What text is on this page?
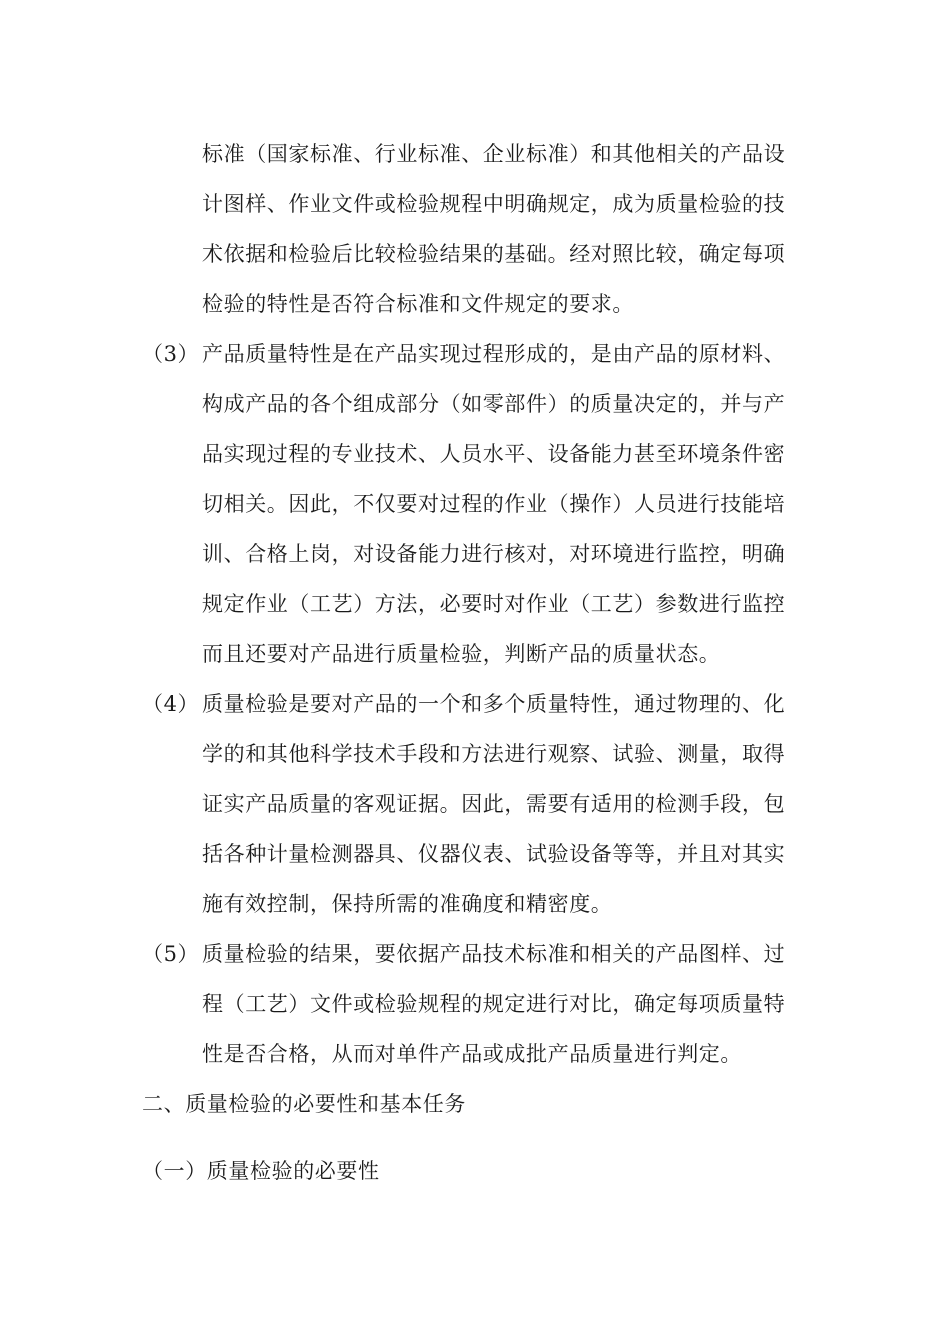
标准（国家标准、行业标准、企业标准）和其他相关的产品设
计图样、作业文件或检验规程中明确规定，成为质量检验的技
术依据和检验后比较检验结果的基础。经对照比较，确定每项
检验的特性是否符合标准和文件规定的要求。
（3） 产品质量特性是在产品实现过程形成的，是由产品的原材料、
构成产品的各个组成部分（如零部件）的质量决定的，并与产
品实现过程的专业技术、人员水平、设备能力甚至环境条件密
切相关。因此，不仅要对过程的作业（操作）人员进行技能培
训、合格上岗，对设备能力进行核对，对环境进行监控，明确
规定作业（工艺）方法，必要时对作业（工艺）参数进行监控
而且还要对产品进行质量检验，判断产品的质量状态。
（4） 质量检验是要对产品的一个和多个质量特性，通过物理的、化
学的和其他科学技术手段和方法进行观察、试验、测量，取得
证实产品质量的客观证据。因此，需要有适用的检测手段，包
括各种计量检测器具、仪器仪表、试验设备等等，并且对其实
施有效控制，保持所需的准确度和精密度。
（5） 质量检验的结果，要依据产品技术标准和相关的产品图样、过
程（工艺）文件或检验规程的规定进行对比，确定每项质量特
性是否合格，从而对单件产品或成批产品质量进行判定。
二、质量检验的必要性和基本任务
（一）质量检验的必要性
